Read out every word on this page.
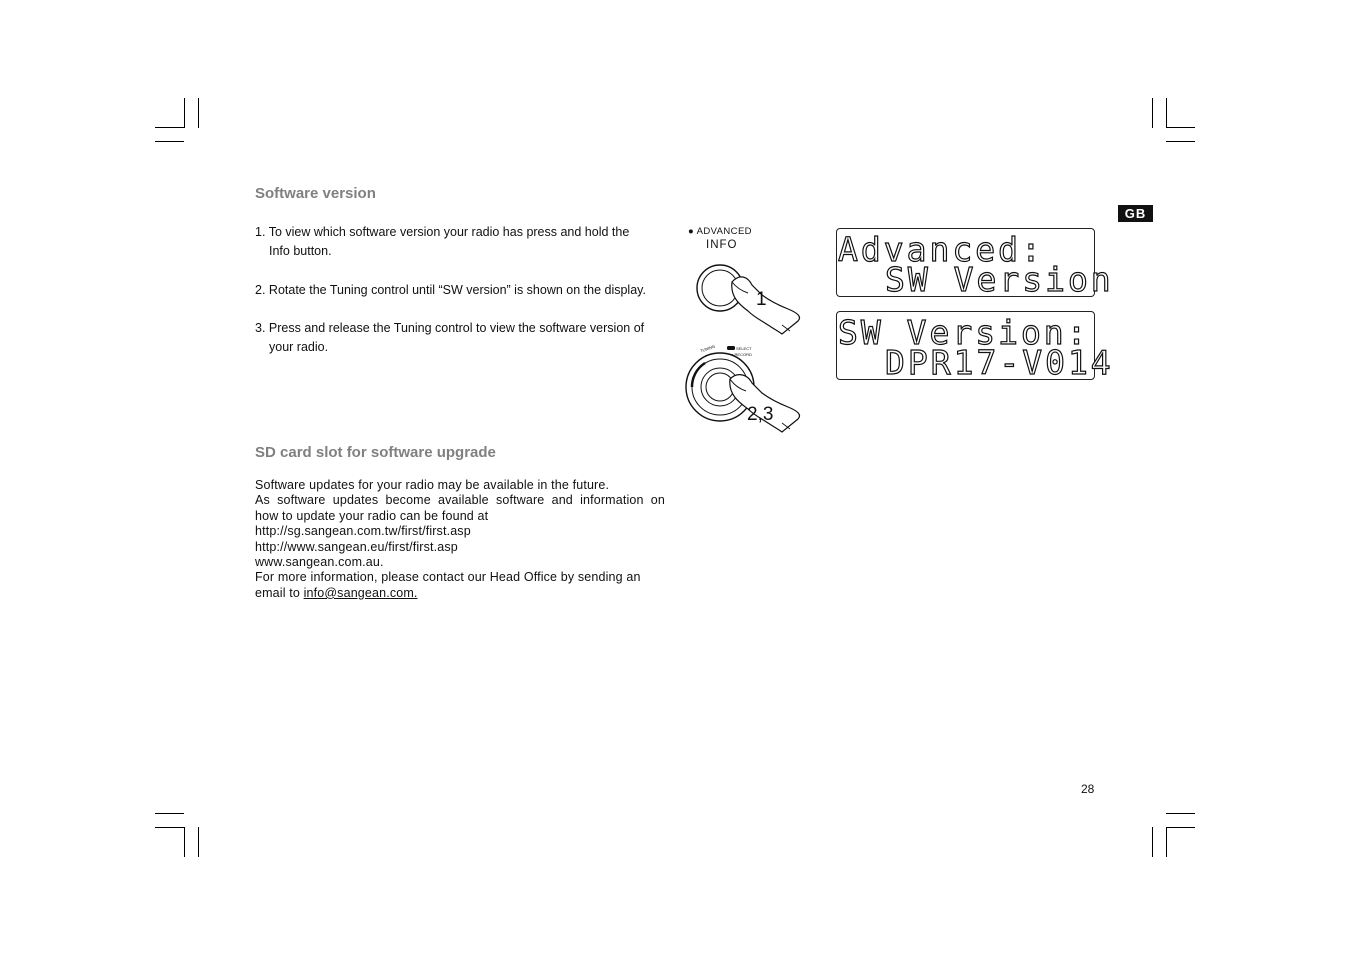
Software version
1. To view which software version your radio has press and hold the
Info button.
2. Rotate the Tuning control until “SW version” is shown on the display.
3. Press and release the Tuning control to view the software version of
your radio.
SD card slot for software upgrade
Software updates for your radio may be available in the future.
As software updates become available software and information on
how to update your radio can be found at
http://sg.sangean.com.tw/first/first.asp
http://www.sangean.eu/first/first.asp
www.sangean.com.au.
For more information, please contact our Head Office by sending an
email to info@sangean.com.
● ADVANCED
INFO
TUNING	SELECT
● RECORD
1
2,3
Advanced:
SW Version
SW Version:
DPR17-V014
GB
28
